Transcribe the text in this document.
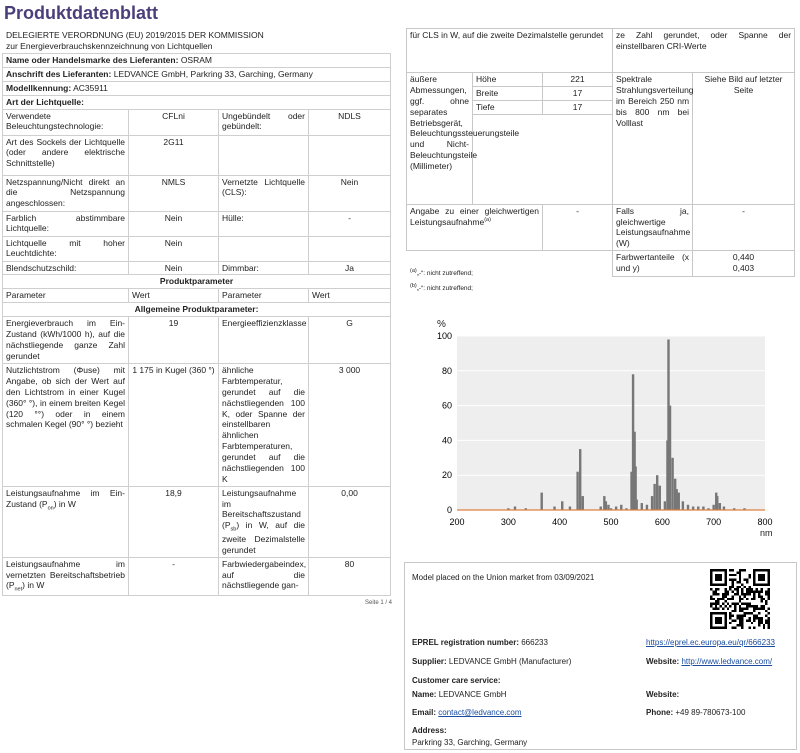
Produktdatenblatt
DELEGIERTE VERORDNUNG (EU) 2019/2015 DER KOMMISSION zur Energieverbrauchskennzeichnung von Lichtquellen
Name oder Handelsmarke des Lieferanten: OSRAM			
Anschrift des Lieferanten: LEDVANCE GmbH, Parkring 33, Garching, Germany			
Modellkennung: AC35911			
Art der Lichtquelle:			
Verwendete Beleuchtungstechnologie:	CFLni	Ungebündelt oder gebündelt:	NDLS
Art des Sockels der Lichtquelle (oder andere elektrische Schnittstelle)	2G11		
Netzspannung/Nicht direkt an die Netzspannung angeschlossen:	NMLS	Vernetzte Lichtquelle (CLS):	Nein
Farblich abstimmbare Lichtquelle:	Nein	Hülle:	-
Lichtquelle mit hoher Leuchtdichte:	Nein		
Blendschutzschild:	Nein	Dimmbar:	Ja
Produktparameter			
Parameter	Wert	Parameter	Wert
Allgemeine Produktparameter:			
Energieverbrauch im Ein-Zustand (kWh/1000 h), auf die nächstliegende ganze Zahl gerundet	19	Energieeffizienzklasse	G
Nutzlichtstrom (Φuse) mit Angabe, ob sich der Wert auf den Lichtstrom in einer Kugel (360° °), in einem breiten Kegel (120 °°) oder in einem schmalen Kegel (90° °) bezieht	1 175 in Kugel (360 °)	ähnliche Farbtemperatur, gerundet auf die nächstliegenden 100 K, oder Spanne der einstellbaren ähnlichen Farbtemperaturen, gerundet auf die nächstliegenden 100 K	3 000
Leistungsaufnahme im Ein-Zustand $(P_{on})$ in W	18,9	Leistungsaufnahme im Bereitschaftszustand $(P_{sb})$ in W, auf die zweite Dezimalstelle gerundet	0,00
Leistungsaufnahme im vernetzten Bereitschaftsbetrieb $(P_{net})$ in W	-	Farbwiedergabeindex, auf die nächstliegende gan-	80
Seite 1 / 4
für CLS in W, auf die zweite Dezimalstelle gerundet			ze Zahl gerundet, oder Spanne der einstellbaren CRI-Werte	
äußere Abmessungen, ggf. ohne separates Betriebsgerät, Beleuchtungssteuerungsteile und Nicht-Beleuchtungsteile (Millimeter)	Höhe	221	Spektrale Strahlungsverteilung im Bereich 250 nm bis 800 nm bei Volllast	Siehe Bild auf letzter Seite
	Breite	17		
	Tiefe	17		

Angabe zu einer gleichwertigen Leistungsaufnahme$^{(a)}$		-	Falls ja, gleichwertige Leistungsaufnahme (W)	-
			Farbwertanteile (x und y)	0,440
0,403
$^{(a)}$„-“: nicht zutreffend;
$^{(b)}$„-“: nicht zutreffend;
%
nm
0
20
40
60
80
100
200	300	400	500	600	700	800
Model placed on the Union market from 03/09/2021
EPREL registration number: 666233	https://eprel.ec.europa.eu/qr/666233
Supplier: LEDVANCE GmbH (Manufacturer)	Website: http://www.ledvance.com/
Customer care service:
Name: LEDVANCE GmbH	Website:
Email: contact@ledvance.com	Phone: +49 89-780673-100
Address:
Parkring 33, Garching, Germany
